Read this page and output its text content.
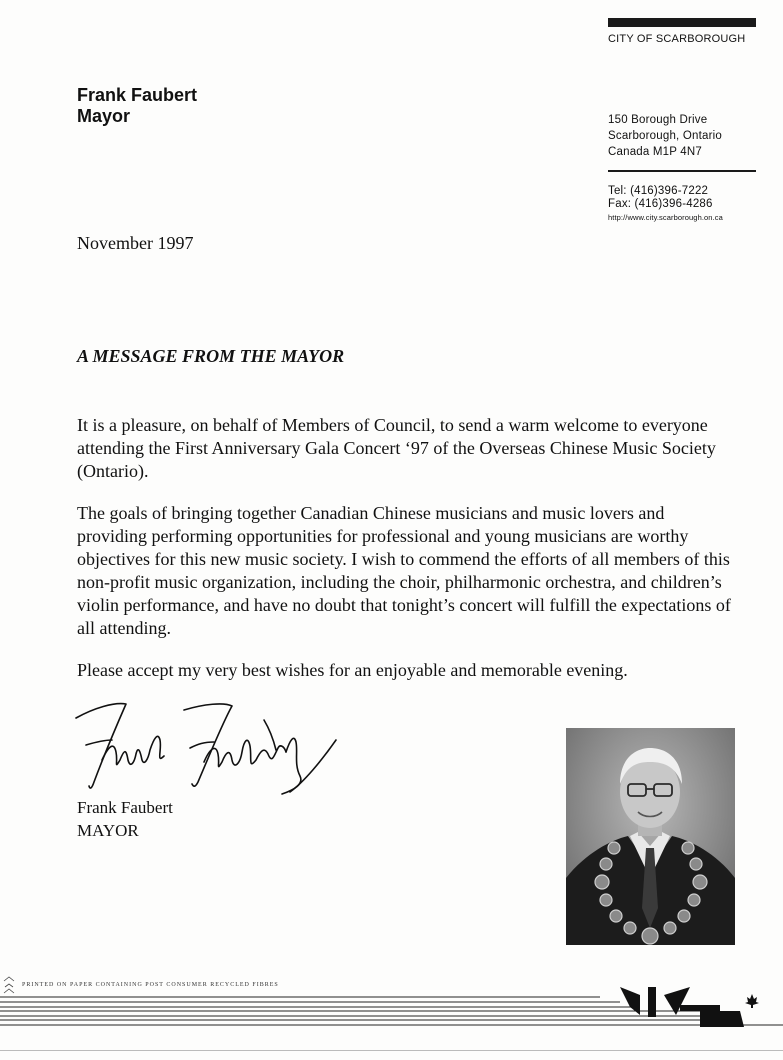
CITY OF SCARBOROUGH
150 Borough Drive
Scarborough, Ontario
Canada M1P 4N7
Tel: (416)396-7222
Fax: (416)396-4286
http://www.city.scarborough.on.ca
Frank Faubert
Mayor
November 1997
A MESSAGE FROM THE MAYOR
It is a pleasure, on behalf of Members of Council, to send a warm welcome to everyone attending the First Anniversary Gala Concert ‘97 of the Overseas Chinese Music Society (Ontario).
The goals of bringing together Canadian Chinese musicians and music lovers and providing performing opportunities for professional and young musicians are worthy objectives for this new music society. I wish to commend the efforts of all members of this non-profit music organization, including the choir, philharmonic orchestra, and children’s violin performance, and have no doubt that tonight’s concert will fulfill the expectations of all attending.
Please accept my very best wishes for an enjoyable and memorable evening.
Frank Faubert
MAYOR
PRINTED ON PAPER CONTAINING POST CONSUMER RECYCLED FIBRES
